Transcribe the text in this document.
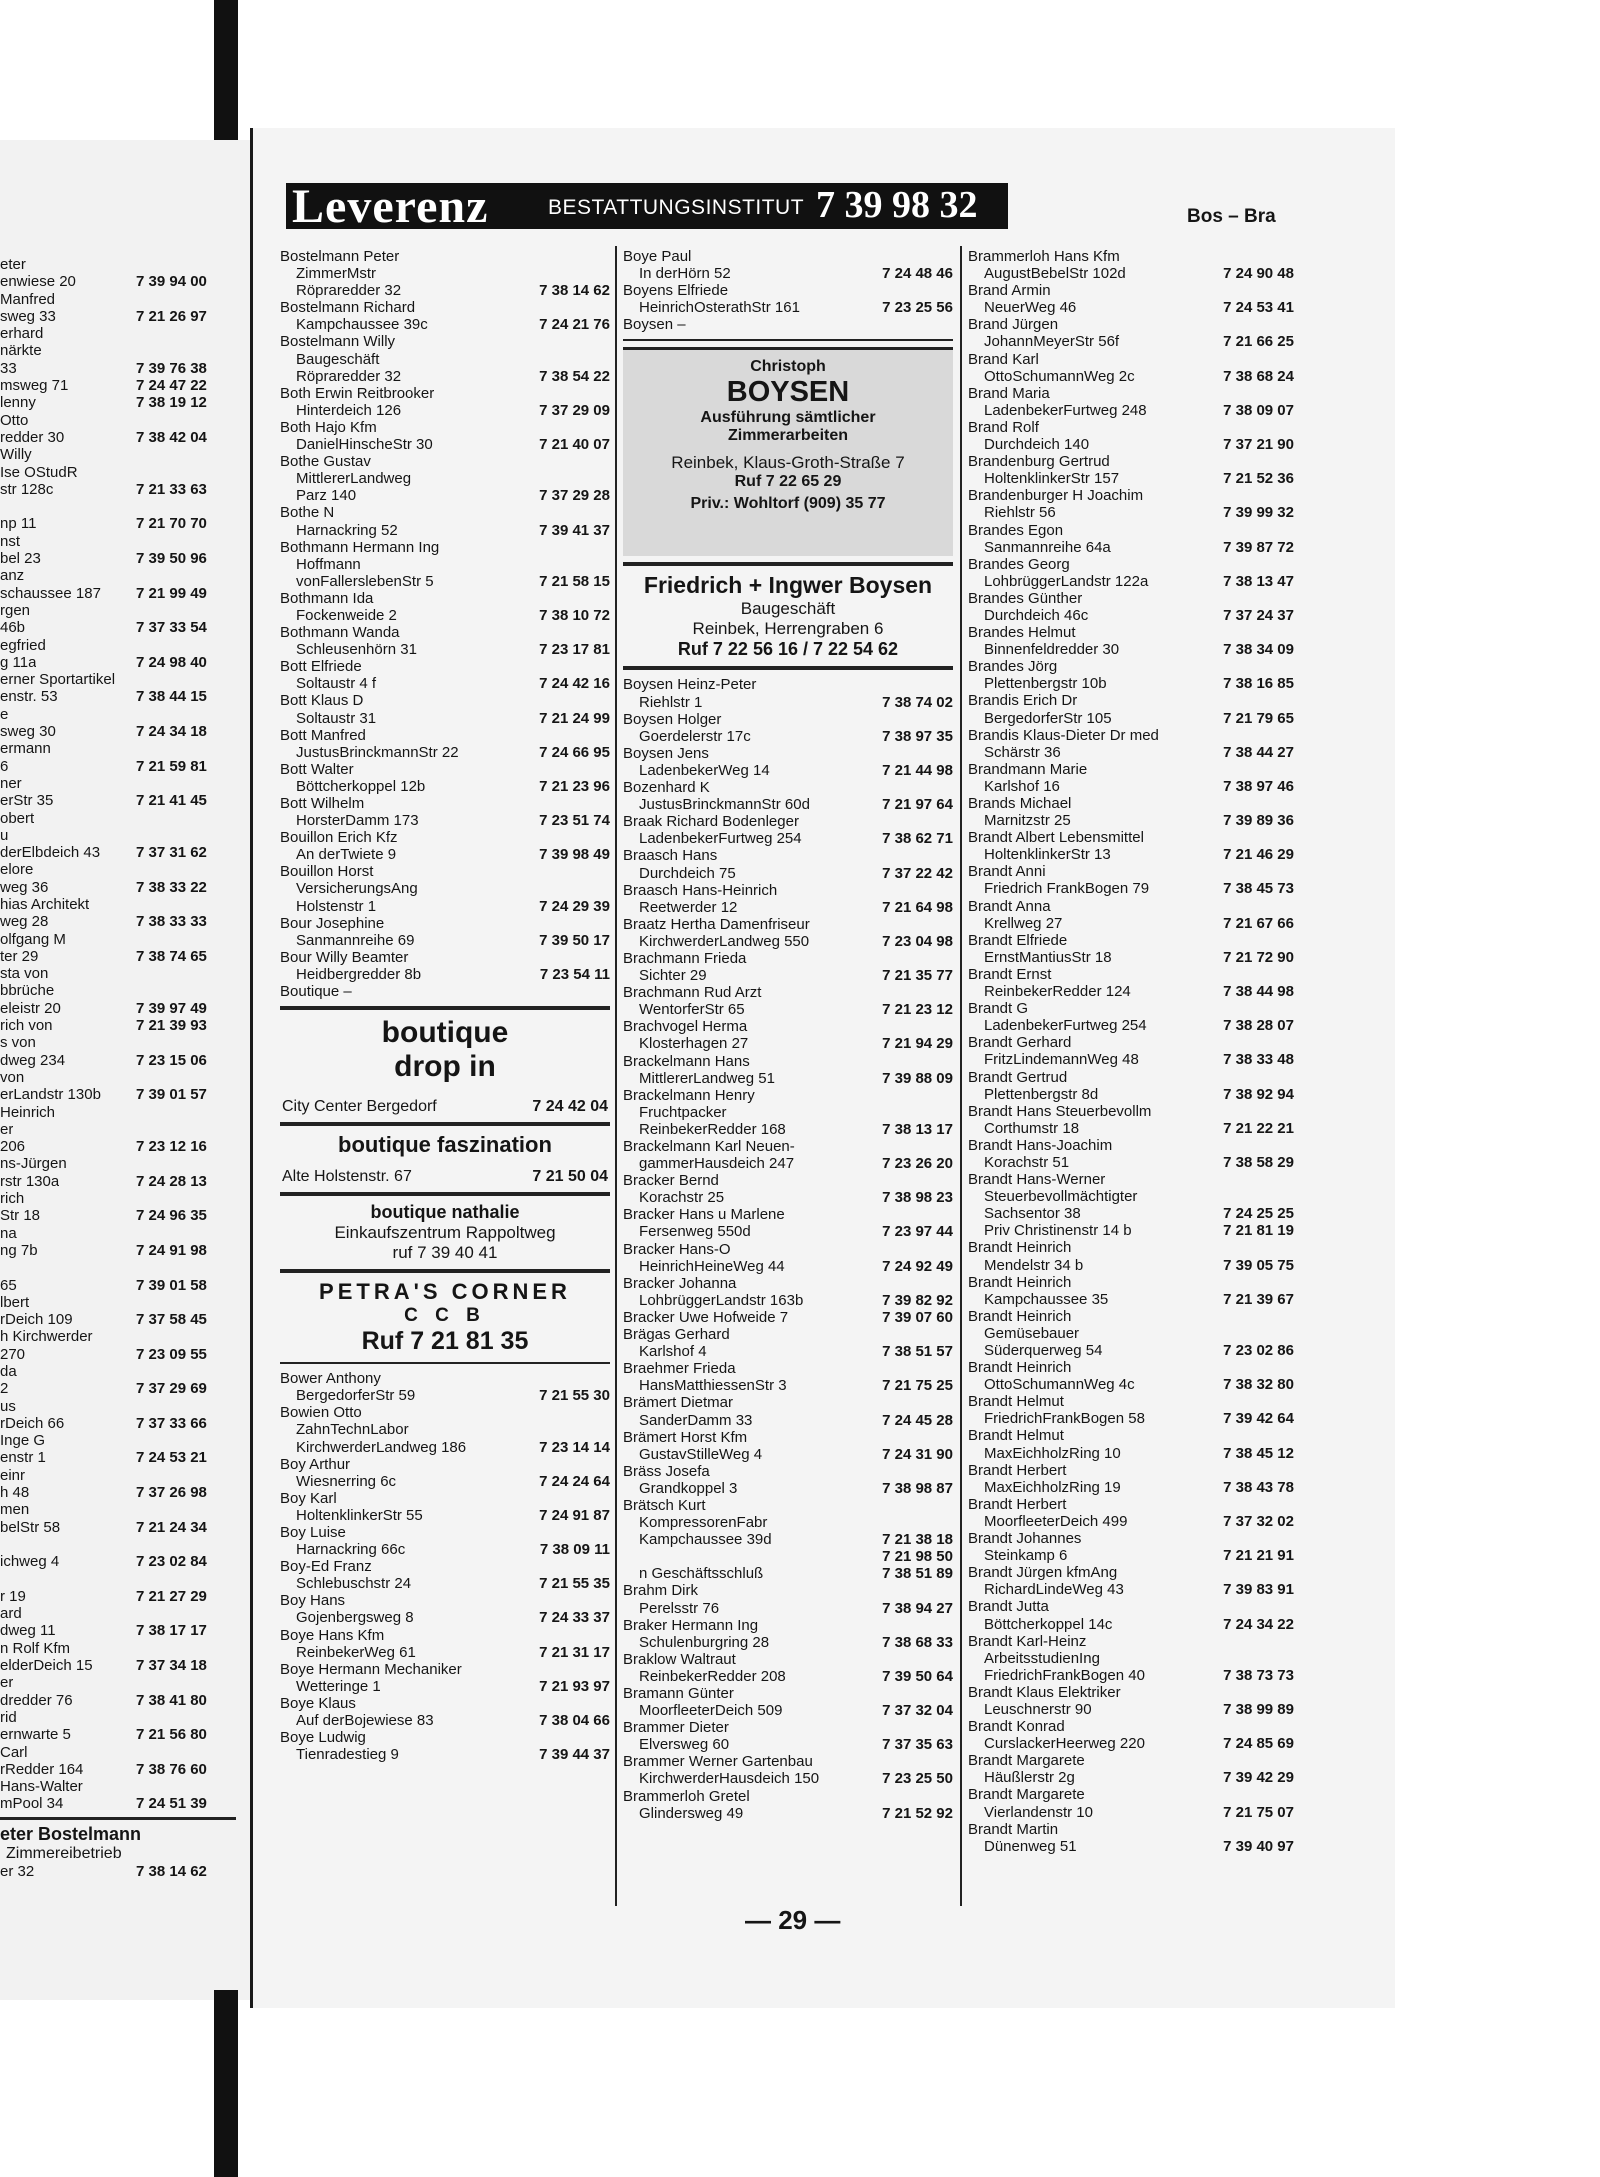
eter
enwiese 20	7 39 94 00
Manfred
sweg 33	7 21 26 97
erhard
närkte
33	7 39 76 38
msweg 71	7 24 47 22
lenny	7 38 19 12
Otto
redder 30	7 38 42 04
Willy
Ise OStudR
str 128c	7 21 33 63
np 11	7 21 70 70
nst
bel 23	7 39 50 96
anz
schaussee 187 7 21 99 49
rgen
46b	7 37 33 54
egfried
g 11a	7 24 98 40
erner Sportartikel
enstr. 53	7 38 44 15
e
sweg 30	7 24 34 18
ermann
6	7 21 59 81
ner
erStr 35	7 21 41 45
obert
u
derElbdeich 43 7 37 31 62
elore
weg 36	7 38 33 22
hias Architekt
weg 28	7 38 33 33
olfgang M
ter 29	7 38 74 65
sta von
bbrüche
eleistr 20	7 39 97 49
rich von	7 21 39 93
s von
dweg 234	7 23 15 06
von
erLandstr 130b 7 39 01 57
Heinrich
er
206	7 23 12 16
ns-Jürgen
rstr 130a	7 24 28 13
rich
Str 18	7 24 96 35
na
ng 7b	7 24 91 98
65	7 39 01 58
lbert
rDeich 109	7 37 58 45
h Kirchwerder
270	7 23 09 55
da
2	7 37 29 69
us
rDeich 66	7 37 33 66
Inge G
enstr 1	7 24 53 21
einr
h 48	7 37 26 98
men
belStr 58	7 21 24 34
ichweg 4	7 23 02 84
r 19	7 21 27 29
ard
dweg 11	7 38 17 17
n Rolf Kfm
elderDeich 15	7 37 34 18
er
dredder 76	7 38 41 80
rid
ernwarte 5	7 21 56 80
Carl
rRedder 164	7 38 76 60
Hans-Walter
mPool 34	7 24 51 39
eter Bostelmann
Zimmereibetrieb
er 32	7 38 14 62
Leverenz	BESTATTUNGSINSTITUT 7 39 98 32	Bos – Bra
Bostelmann Peter
ZimmerMstr
Röpraredder 32	7 38 14 62
Bostelmann Richard
Kampchaussee 39c	7 24 21 76
Bostelmann Willy
Baugeschäft
Röpraredder 32	7 38 54 22
Both Erwin Reitbrooker
Hinterdeich 126	7 37 29 09
Both Hajo Kfm
DanielHinscheStr 30	7 21 40 07
Bothe Gustav
MittlererLandweg
Parz 140	7 37 29 28
Bothe N
Harnackring 52	7 39 41 37
Bothmann Hermann Ing
Hoffmann
vonFallerslebenStr 5	7 21 58 15
Bothmann Ida
Fockenweide 2	7 38 10 72
Bothmann Wanda
Schleusenhörn 31	7 23 17 81
Bott Elfriede
Soltaustr 4 f	7 24 42 16
Bott Klaus D
Soltaustr 31	7 21 24 99
Bott Manfred
JustusBrinckmannStr 22	7 24 66 95
Bott Walter
Böttcherkoppel 12b	7 21 23 96
Bott Wilhelm
HorsterDamm 173	7 23 51 74
Bouillon Erich Kfz
An derTwiete 9	7 39 98 49
Bouillon Horst
VersicherungsAng
Holstenstr 1	7 24 29 39
Bour Josephine
Sanmannreihe 69	7 39 50 17
Bour Willy Beamter
Heidbergredder 8b	7 23 54 11
Boutique –
boutique
drop in
City Center Bergedorf	7 24 42 04
boutique faszination
Alte Holstenstr. 67	7 21 50 04
boutique nathalie
Einkaufszentrum Rappoltweg
ruf 7 39 40 41
PETRA'S CORNER
C C B
Ruf 7 21 81 35
Bower Anthony
BergedorferStr 59	7 21 55 30
Bowien Otto
ZahnTechnLabor
KirchwerderLandweg 186	7 23 14 14
Boy Arthur
Wiesnerring 6c	7 24 24 64
Boy Karl
HoltenklinkerStr 55	7 24 91 87
Boy Luise
Harnackring 66c	7 38 09 11
Boy-Ed Franz
Schlebuschstr 24	7 21 55 35
Boy Hans
Gojenbergsweg 8	7 24 33 37
Boye Hans Kfm
ReinbekerWeg 61	7 21 31 17
Boye Hermann Mechaniker
Wetteringe 1	7 21 93 97
Boye Klaus
Auf derBojewiese 83	7 38 04 66
Boye Ludwig
Tienradestieg 9	7 39 44 37
Boye Paul
In derHörn 52	7 24 48 46
Boyens Elfriede
HeinrichOsterathStr 161	7 23 25 56
Boysen –
Christoph
BOYSEN
Ausführung sämtlicher
Zimmerarbeiten
Reinbek, Klaus-Groth-Straße 7
Ruf 7 22 65 29
Priv.: Wohltorf (909) 35 77
Friedrich + Ingwer Boysen
Baugeschäft
Reinbek, Herrengraben 6
Ruf 7 22 56 16 / 7 22 54 62
Boysen Heinz-Peter
Riehlstr 1	7 38 74 02
Boysen Holger
Goerdelerstr 17c	7 38 97 35
Boysen Jens
LadenbekerWeg 14	7 21 44 98
Bozenhard K
JustusBrinckmannStr 60d	7 21 97 64
Braak Richard Bodenleger
LadenbekerFurtweg 254	7 38 62 71
Braasch Hans
Durchdeich 75	7 37 22 42
Braasch Hans-Heinrich
Reetwerder 12	7 21 64 98
Braatz Hertha Damenfriseur
KirchwerderLandweg 550	7 23 04 98
Brachmann Frieda
Sichter 29	7 21 35 77
Brachmann Rud Arzt
WentorferStr 65	7 21 23 12
Brachvogel Herma
Klosterhagen 27	7 21 94 29
Brackelmann Hans
MittlererLandweg 51	7 39 88 09
Brackelmann Henry
Fruchtpacker
ReinbekerRedder 168	7 38 13 17
Brackelmann Karl Neuen-
gammerHausdeich 247	7 23 26 20
Bracker Bernd
Korachstr 25	7 38 98 23
Bracker Hans u Marlene
Fersenweg 550d	7 23 97 44
Bracker Hans-O
HeinrichHeineWeg 44	7 24 92 49
Bracker Johanna
LohbrüggerLandstr 163b	7 39 82 92
Bracker Uwe Hofweide 7	7 39 07 60
Brägas Gerhard
Karlshof 4	7 38 51 57
Braehmer Frieda
HansMatthiessenStr 3	7 21 75 25
Brämert Dietmar
SanderDamm 33	7 24 45 28
Brämert Horst Kfm
GustavStilleWeg 4	7 24 31 90
Bräss Josefa
Grandkoppel 3	7 38 98 87
Brätsch Kurt
KompressorenFabr
Kampchaussee 39d	7 21 38 18
7 21 98 50
n Geschäftsschluß	7 38 51 89
Brahm Dirk
Perelsstr 76	7 38 94 27
Braker Hermann Ing
Schulenburgring 28	7 38 68 33
Braklow Waltraut
ReinbekerRedder 208	7 39 50 64
Bramann Günter
MoorfleeterDeich 509	7 37 32 04
Brammer Dieter
Elversweg 60	7 37 35 63
Brammer Werner Gartenbau
KirchwerderHausdeich 150	7 23 25 50
Brammerloh Gretel
Glindersweg 49	7 21 52 92
Brammerloh Hans Kfm
AugustBebelStr 102d	7 24 90 48
Brand Armin
NeuerWeg 46	7 24 53 41
Brand Jürgen
JohannMeyerStr 56f	7 21 66 25
Brand Karl
OttoSchumannWeg 2c	7 38 68 24
Brand Maria
LadenbekerFurtweg 248	7 38 09 07
Brand Rolf
Durchdeich 140	7 37 21 90
Brandenburg Gertrud
HoltenklinkerStr 157	7 21 52 36
Brandenburger H Joachim
Riehlstr 56	7 39 99 32
Brandes Egon
Sanmannreihe 64a	7 39 87 72
Brandes Georg
LohbrüggerLandstr 122a	7 38 13 47
Brandes Günther
Durchdeich 46c	7 37 24 37
Brandes Helmut
Binnenfeldredder 30	7 38 34 09
Brandes Jörg
Plettenbergstr 10b	7 38 16 85
Brandis Erich Dr
BergedorferStr 105	7 21 79 65
Brandis Klaus-Dieter Dr med
Schärstr 36	7 38 44 27
Brandmann Marie
Karlshof 16	7 38 97 46
Brands Michael
Marnitzstr 25	7 39 89 36
Brandt Albert Lebensmittel
HoltenklinkerStr 13	7 21 46 29
Brandt Anni
Friedrich FrankBogen 79	7 38 45 73
Brandt Anna
Krellweg 27	7 21 67 66
Brandt Elfriede
ErnstMantiusStr 18	7 21 72 90
Brandt Ernst
ReinbekerRedder 124	7 38 44 98
Brandt G
LadenbekerFurtweg 254	7 38 28 07
Brandt Gerhard
FritzLindemannWeg 48	7 38 33 48
Brandt Gertrud
Plettenbergstr 8d	7 38 92 94
Brandt Hans Steuerbevollm
Corthumstr 18	7 21 22 21
Brandt Hans-Joachim
Korachstr 51	7 38 58 29
Brandt Hans-Werner
Steuerbevollmächtigter
Sachsentor 38	7 24 25 25
Priv Christinenstr 14 b	7 21 81 19
Brandt Heinrich
Mendelstr 34 b	7 39 05 75
Brandt Heinrich
Kampchaussee 35	7 21 39 67
Brandt Heinrich
Gemüsebauer
Süderquerweg 54	7 23 02 86
Brandt Heinrich
OttoSchumannWeg 4c	7 38 32 80
Brandt Helmut
FriedrichFrankBogen 58	7 39 42 64
Brandt Helmut
MaxEichholzRing 10	7 38 45 12
Brandt Herbert
MaxEichholzRing 19	7 38 43 78
Brandt Herbert
MoorfleeterDeich 499	7 37 32 02
Brandt Johannes
Steinkamp 6	7 21 21 91
Brandt Jürgen kfmAng
RichardLindeWeg 43	7 39 83 91
Brandt Jutta
Böttcherkoppel 14c	7 24 34 22
Brandt Karl-Heinz
ArbeitsstudienIng
FriedrichFrankBogen 40	7 38 73 73
Brandt Klaus Elektriker
Leuschnerstr 90	7 38 99 89
Brandt Konrad
CurslackerHeerweg 220	7 24 85 69
Brandt Margarete
Häußlerstr 2g	7 39 42 29
Brandt Margarete
Vierlandenstr 10	7 21 75 07
Brandt Martin
Dünenweg 51	7 39 40 97
— 29 —
